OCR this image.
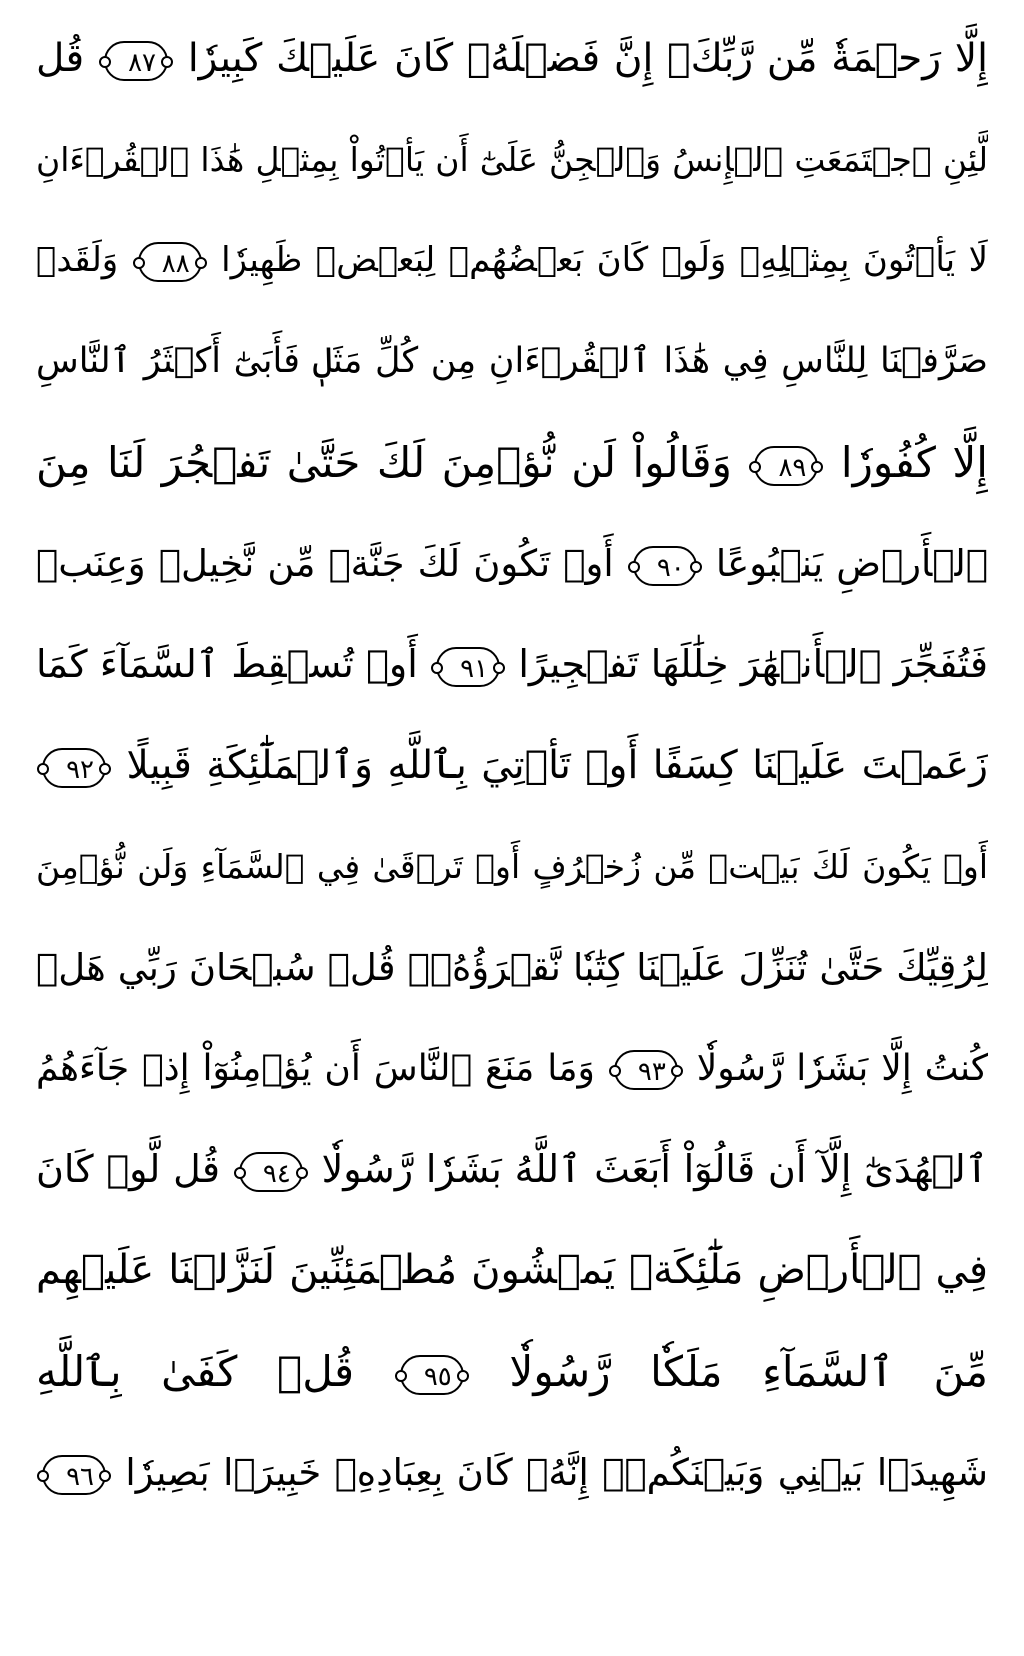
إِلَّا رَحۡمَةٗ مِّن رَّبِّكَۚ إِنَّ فَضۡلَهُۥ كَانَ عَلَيۡكَ كَبِيرٗا ٨٧ قُل
لَّئِنِ ٱجۡتَمَعَتِ ٱلۡإِنسُ وَٱلۡجِنُّ عَلَىٰٓ أَن يَأۡتُواْ بِمِثۡلِ هَٰذَا ٱلۡقُرۡءَانِ
لَا يَأۡتُونَ بِمِثۡلِهِۦ وَلَوۡ كَانَ بَعۡضُهُمۡ لِبَعۡضٖ ظَهِيرٗا ٨٨ وَلَقَدۡ
صَرَّفۡنَا لِلنَّاسِ فِي هَٰذَا ٱلۡقُرۡءَانِ مِن كُلِّ مَثَلٖ فَأَبَىٰٓ أَكۡثَرُ ٱلنَّاسِ
إِلَّا كُفُورٗا ٨٩ وَقَالُواْ لَن نُّؤۡمِنَ لَكَ حَتَّىٰ تَفۡجُرَ لَنَا مِنَ
ٱلۡأَرۡضِ يَنۢبُوعًا ٩٠ أَوۡ تَكُونَ لَكَ جَنَّةٞ مِّن نَّخِيلٖ وَعِنَبٖ
فَتُفَجِّرَ ٱلۡأَنۡهَٰرَ خِلَٰلَهَا تَفۡجِيرًا ٩١ أَوۡ تُسۡقِطَ ٱلسَّمَآءَ كَمَا
زَعَمۡتَ عَلَيۡنَا كِسَفًا أَوۡ تَأۡتِيَ بِٱللَّهِ وَٱلۡمَلَٰٓئِكَةِ قَبِيلًا ٩٢
أَوۡ يَكُونَ لَكَ بَيۡتٞ مِّن زُخۡرُفٍ أَوۡ تَرۡقَىٰ فِي ٱلسَّمَآءِ وَلَن نُّؤۡمِنَ
لِرُقِيِّكَ حَتَّىٰ تُنَزِّلَ عَلَيۡنَا كِتَٰبٗا نَّقۡرَؤُهُۥۗ قُلۡ سُبۡحَانَ رَبِّي هَلۡ
كُنتُ إِلَّا بَشَرٗا رَّسُولٗا ٩٣ وَمَا مَنَعَ ٱلنَّاسَ أَن يُؤۡمِنُوٓاْ إِذۡ جَآءَهُمُ
ٱلۡهُدَىٰٓ إِلَّآ أَن قَالُوٓاْ أَبَعَثَ ٱللَّهُ بَشَرٗا رَّسُولٗا ٩٤ قُل لَّوۡ كَانَ
فِي ٱلۡأَرۡضِ مَلَٰٓئِكَةٞ يَمۡشُونَ مُطۡمَئِنِّينَ لَنَزَّلۡنَا عَلَيۡهِم
مِّنَ ٱلسَّمَآءِ مَلَكٗا رَّسُولٗا ٩٥ قُلۡ كَفَىٰ بِٱللَّهِ
شَهِيدَۢا بَيۡنِي وَبَيۡنَكُمۡۚ إِنَّهُۥ كَانَ بِعِبَادِهِۦ خَبِيرَۢا بَصِيرٗا ٩٦
